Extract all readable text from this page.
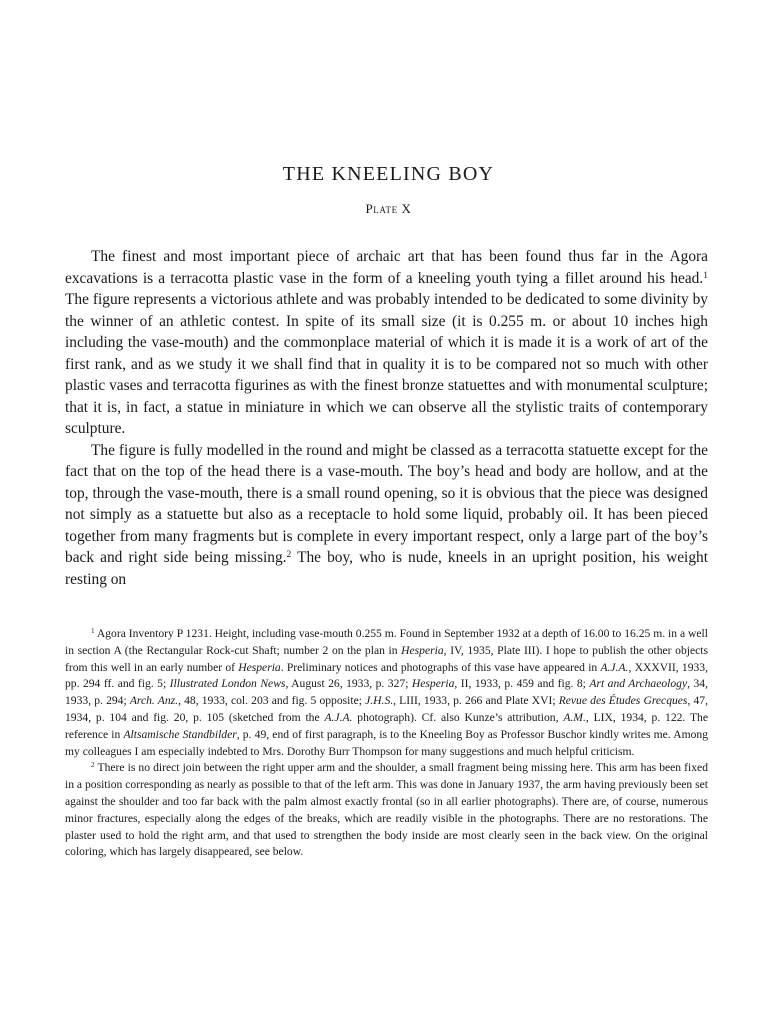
THE KNEELING BOY
Plate X

The finest and most important piece of archaic art that has been found thus far in the Agora excavations is a terracotta plastic vase in the form of a kneeling youth tying a fillet around his head.$^1$ The figure represents a victorious athlete and was probably intended to be dedicated to some divinity by the winner of an athletic contest. In spite of its small size (it is 0.255 m. or about 10 inches high including the vase-mouth) and the commonplace material of which it is made it is a work of art of the first rank, and as we study it we shall find that in quality it is to be compared not so much with other plastic vases and terracotta figurines as with the finest bronze statuettes and with monumental sculpture; that it is, in fact, a statue in miniature in which we can observe all the stylistic traits of contemporary sculpture.

The figure is fully modelled in the round and might be classed as a terracotta statuette except for the fact that on the top of the head there is a vase-mouth. The boy’s head and body are hollow, and at the top, through the vase-mouth, there is a small round opening, so it is obvious that the piece was designed not simply as a statuette but also as a receptacle to hold some liquid, probably oil. It has been pieced together from many fragments but is complete in every important respect, only a large part of the boy’s back and right side being missing.$^2$ The boy, who is nude, kneels in an upright position, his weight resting on

$^1$ Agora Inventory P 1231. Height, including vase-mouth 0.255 m. Found in September 1932 at a depth of 16.00 to 16.25 m. in a well in section A (the Rectangular Rock-cut Shaft; number 2 on the plan in Hesperia, IV, 1935, Plate III). I hope to publish the other objects from this well in an early number of Hesperia. Preliminary notices and photographs of this vase have appeared in A.J.A., XXXVII, 1933, pp. 294 ff. and fig. 5; Illustrated London News, August 26, 1933, p. 327; Hesperia, II, 1933, p. 459 and fig. 8; Art and Archaeology, 34, 1933, p. 294; Arch. Anz., 48, 1933, col. 203 and fig. 5 opposite; J.H.S., LIII, 1933, p. 266 and Plate XVI; Revue des Études Grecques, 47, 1934, p. 104 and fig. 20, p. 105 (sketched from the A.J.A. photograph). Cf. also Kunze’s attribution, A.M., LIX, 1934, p. 122. The reference in Altsamische Standbilder, p. 49, end of first paragraph, is to the Kneeling Boy as Professor Buschor kindly writes me. Among my colleagues I am especially indebted to Mrs. Dorothy Burr Thompson for many suggestions and much helpful criticism.

$^2$ There is no direct join between the right upper arm and the shoulder, a small fragment being missing here. This arm has been fixed in a position corresponding as nearly as possible to that of the left arm. This was done in January 1937, the arm having previously been set against the shoulder and too far back with the palm almost exactly frontal (so in all earlier photographs). There are, of course, numerous minor fractures, especially along the edges of the breaks, which are readily visible in the photographs. There are no restorations. The plaster used to hold the right arm, and that used to strengthen the body inside are most clearly seen in the back view. On the original coloring, which has largely disappeared, see below.
